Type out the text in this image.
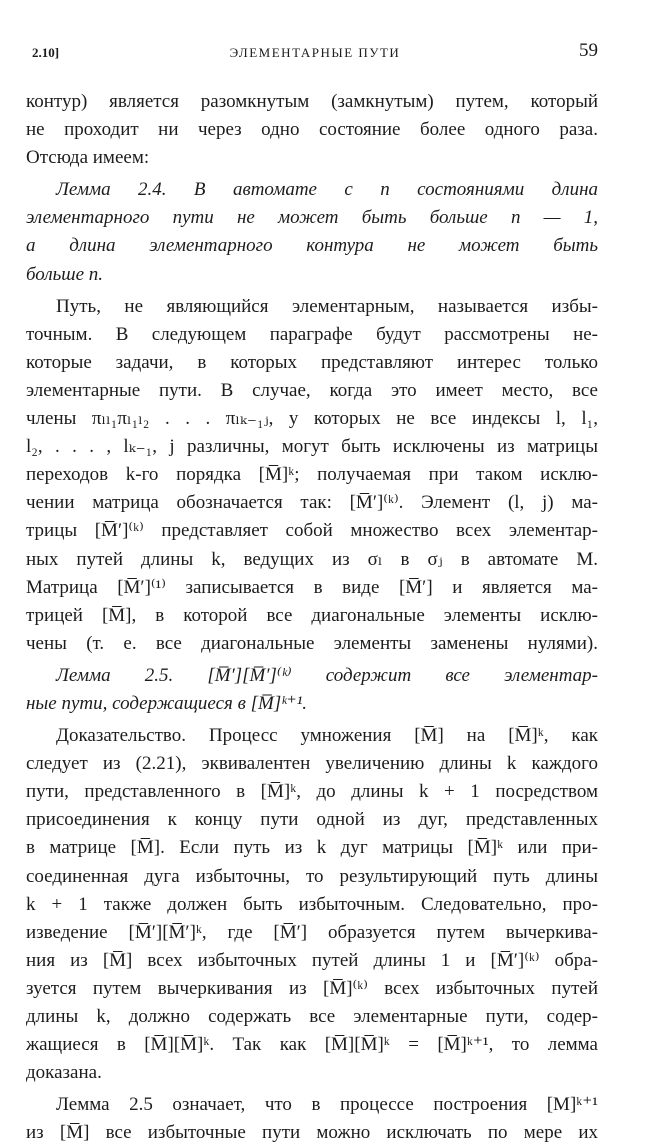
2.10]	ЭЛЕМЕНТАРНЫЕ ПУТИ	59
контур) является разомкнутым (замкнутым) путем, который
не проходит ни через одно состояние более одного раза.
Отсюда имеем:
Лемма 2.4. В автомате с n состояниями длина
элементарного пути не может быть больше n — 1,
а длина элементарного контура не может быть
больше n.
Путь, не являющийся элементарным, называется избы-
точным. В следующем параграфе будут рассмотрены не-
которые задачи, в которых представляют интерес только
элементарные пути. В случае, когда это имеет место, все
члены πₗₗ₁πₗ₁ₗ₂ . . . πₗₖ₋₁ⱼ, у которых не все индексы l, l₁,
l₂, . . . , lₖ₋₁, j различны, могут быть исключены из матрицы
переходов k-го порядка [M̅]ᵏ; получаемая при таком исклю-
чении матрица обозначается так: [M̅′]⁽ᵏ⁾. Элемент (l, j) ма-
трицы [M̅′]⁽ᵏ⁾ представляет собой множество всех элементар-
ных путей длины k, ведущих из σₗ в σⱼ в автомате M.
Матрица [M̅′]⁽¹⁾ записывается в виде [M̅′] и является ма-
трицей [M̅], в которой все диагональные элементы исклю-
чены (т. е. все диагональные элементы заменены нулями).
Лемма 2.5. [M̅′][M̅′]⁽ᵏ⁾ содержит все элементар-
ные пути, содержащиеся в [M̅]ᵏ⁺¹.
Доказательство. Процесс умножения [M̅] на [M̅]ᵏ, как
следует из (2.21), эквивалентен увеличению длины k каждого
пути, представленного в [M̅]ᵏ, до длины k + 1 посредством
присоединения к концу пути одной из дуг, представленных
в матрице [M̅]. Если путь из k дуг матрицы [M̅]ᵏ или при-
соединенная дуга избыточны, то результирующий путь длины
k + 1 также должен быть избыточным. Следовательно, про-
изведение [M̅′][M̅′]ᵏ, где [M̅′] образуется путем вычеркива-
ния из [M̅] всех избыточных путей длины 1 и [M̅′]⁽ᵏ⁾ обра-
зуется путем вычеркивания из [M̅]⁽ᵏ⁾ всех избыточных путей
длины k, должно содержать все элементарные пути, содер-
жащиеся в [M̅][M̅]ᵏ. Так как [M̅][M̅]ᵏ = [M̅]ᵏ⁺¹, то лемма
доказана.
Лемма 2.5 означает, что в процессе построения [M]ᵏ⁺¹
из [M̅] все избыточные пути можно исключать по мере их
